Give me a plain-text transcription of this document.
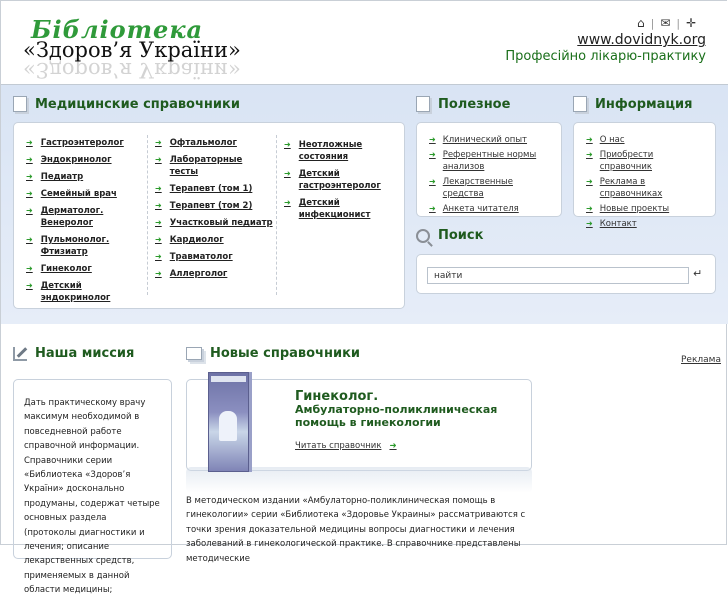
Бібліотека
«Здоров’я України»
«Здоров’я України»
⌂ | ✉ | ✛
www.dovidnyk.org
Професійно лікарю-практику
Медицинские справочники
➜ Гастроэнтеролог
➜ Эндокринолог
➜ Педиатр
➜ Семейный врач
➜ Дерматолог. Венеролог
➜ Пульмонолог. Фтизиатр
➜ Гинеколог
➜ Детский эндокринолог
➜ Офтальмолог
➜ Лабораторные тесты
➜ Терапевт (том 1)
➜ Терапевт (том 2)
➜ Участковый педиатр
➜ Кардиолог
➜ Травматолог
➜ Аллерголог
➜ Неотложные состояния
➜ Детский гастроэнтеролог
➜ Детский инфекционист
Полезное
➜ Клинический опыт
➜ Референтные нормы анализов
➜ Лекарственные средства
➜ Анкета читателя
Информация
➜ О нас
➜ Приобрести справочник
➜ Реклама в справочниках
➜ Новые проекты
➜ Контакт
Поиск
найти
↵
Наша миссия
Дать практическому врачу максимум необходимой в повседневной работе справочной информации. Справочники серии «Библиотека «Здоров’я України» досконально продуманы, содержат четыре основных раздела (протоколы диагностики и лечения; описание лекарственных средств, применяемых в данной области медицины;
Новые справочники	Реклама
Гинеколог.
Амбулаторно-поликлиническая помощь в гинекологии
Читать справочник ➜
В методическом издании «Амбулаторно-поликлиническая помощь в гинекологии» серии «Библиотека «Здоровье Украины» рассматриваются с точки зрения доказательной медицины вопросы диагностики и лечения заболеваний в гинекологической практике. В справочнике представлены методические
